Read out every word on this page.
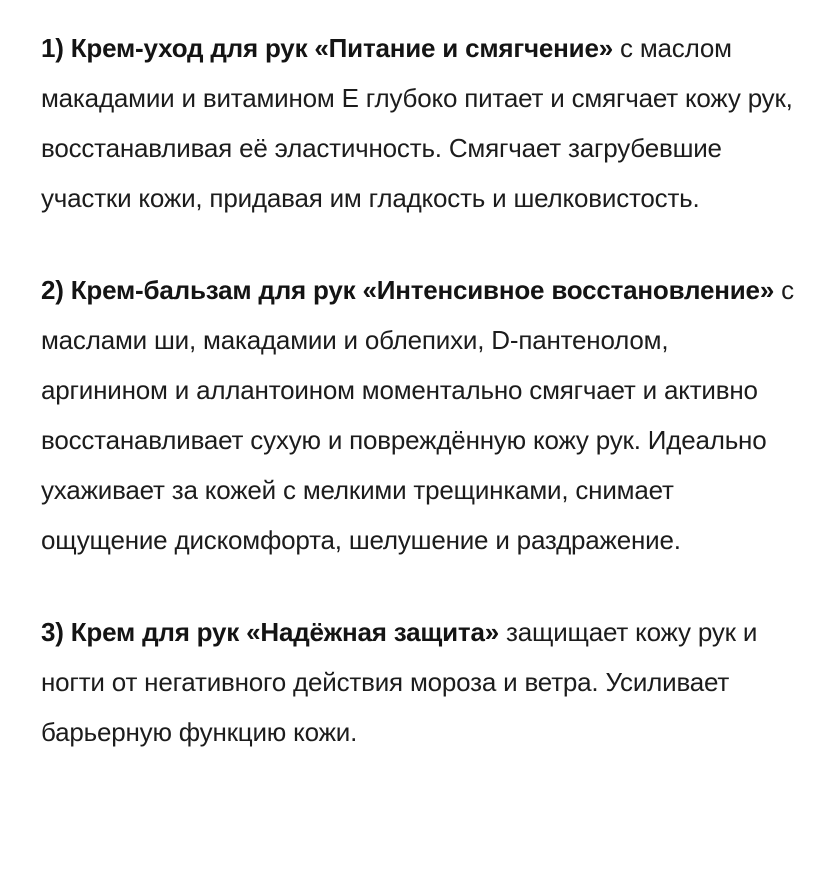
1) Крем-уход для рук «Питание и смягчение» с маслом макадамии и витамином Е глубоко питает и смягчает кожу рук, восстанавливая её эластичность. Смягчает загрубевшие участки кожи, придавая им гладкость и шелковистость.

2) Крем-бальзам для рук «Интенсивное восстановление» с маслами ши, макадамии и облепихи, D-пантенолом, аргинином и аллантоином моментально смягчает и активно восстанавливает сухую и повреждённую кожу рук. Идеально ухаживает за кожей с мелкими трещинками, снимает ощущение дискомфорта, шелушение и раздражение.

3) Крем для рук «Надёжная защита» защищает кожу рук и ногти от негативного действия мороза и ветра. Усиливает барьерную функцию кожи.
